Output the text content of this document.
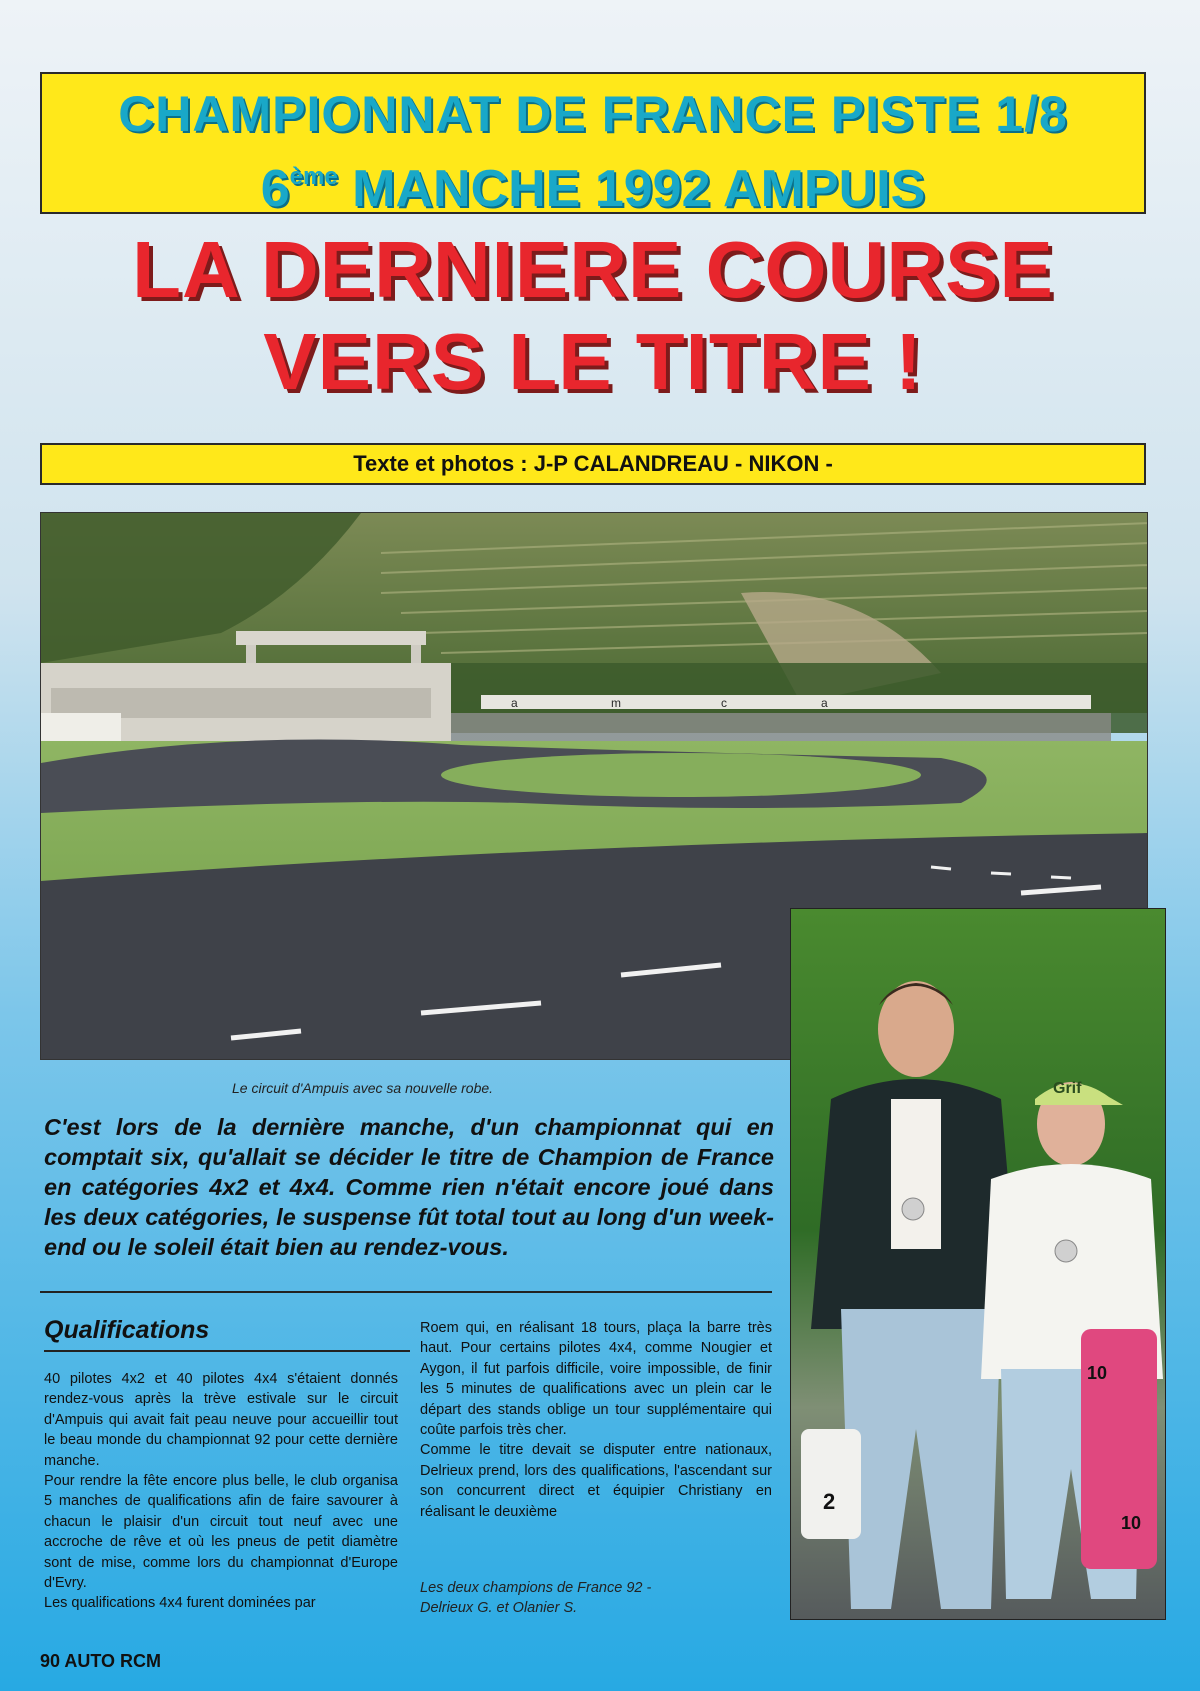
CHAMPIONNAT DE FRANCE PISTE 1/8
6ème MANCHE 1992 AMPUIS
LA DERNIERE COURSE
VERS LE TITRE !
Texte et photos : J-P CALANDREAU - NIKON -
a	m	c	a
Le circuit d'Ampuis avec sa nouvelle robe.	Grif
2
10
10
C'est lors de la dernière manche, d'un championnat qui en comptait six, qu'allait se décider le titre de Champion de France en catégories 4x2 et 4x4. Comme rien n'était encore joué dans les deux catégories, le suspense fût total tout au long d'un week-end ou le soleil était bien au rendez-vous.
Qualifications

40 pilotes 4x2 et 40 pilotes 4x4 s'étaient donnés rendez-vous après la trève estivale sur le circuit d'Ampuis qui avait fait peau neuve pour accueillir tout le beau monde du championnat 92 pour cette dernière manche.

Pour rendre la fête encore plus belle, le club organisa 5 manches de qualifications afin de faire savourer à chacun le plaisir d'un circuit tout neuf avec une accroche de rêve et où les pneus de petit diamètre sont de mise, comme lors du championnat d'Europe d'Evry.

Les qualifications 4x4 furent dominées par

Roem qui, en réalisant 18 tours, plaça la barre très haut. Pour certains pilotes 4x4, comme Nougier et Aygon, il fut parfois difficile, voire impossible, de finir les 5 minutes de qualifications avec un plein car le départ des stands oblige un tour supplémentaire qui coûte parfois très cher.

Comme le titre devait se disputer entre nationaux, Delrieux prend, lors des qualifications, l'ascendant sur son concurrent direct et équipier Christiany en réalisant le deuxième

Les deux champions de France 92 -
Delrieux G. et Olanier S.
90 AUTO RCM
